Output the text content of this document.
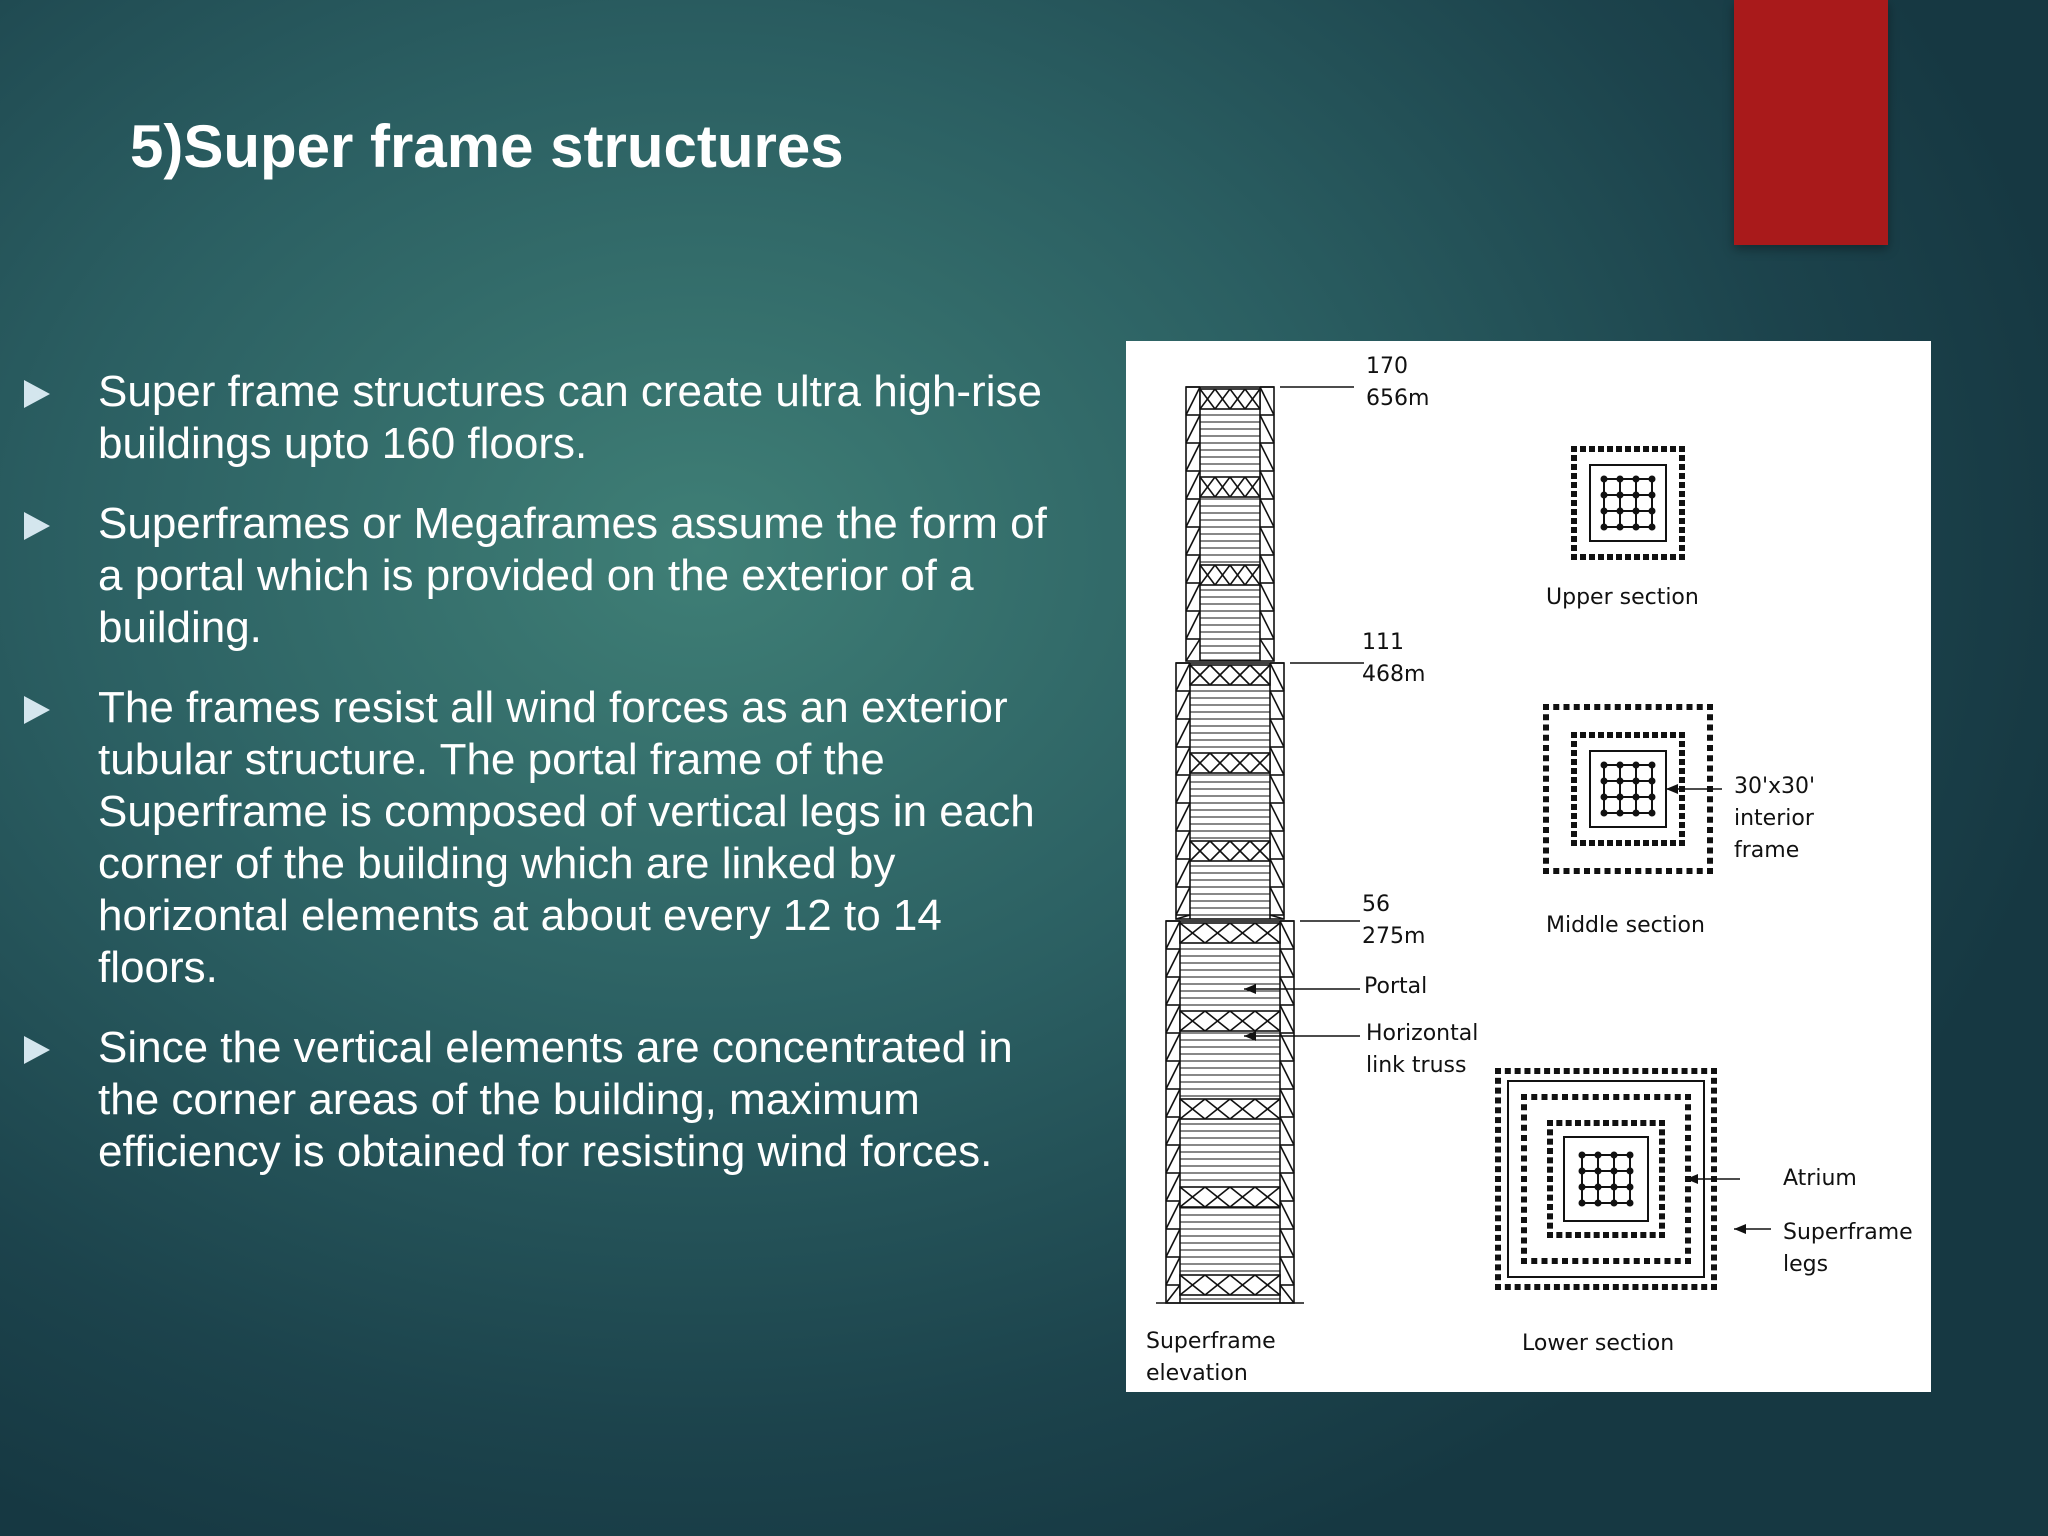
5)Super frame structures
Super frame structures can create ultra high-rise buildings upto 160 floors.
Superframes or Megaframes assume the form of a portal which is provided on the exterior of a building.
The frames resist all wind forces as an exterior tubular structure. The portal frame of the Superframe is composed of vertical legs in each corner of the building which are linked by horizontal elements at about every 12 to 14 floors.
Since the vertical elements are concentrated in the corner areas of the building, maximum efficiency is obtained for resisting wind forces.

170

656m

111

468m

56

275m

Portal

Horizontal

link truss

Superframe

elevation

Upper section

Middle section

Lower section

30'x30'

interior

frame

Atrium

Superframe

legs
